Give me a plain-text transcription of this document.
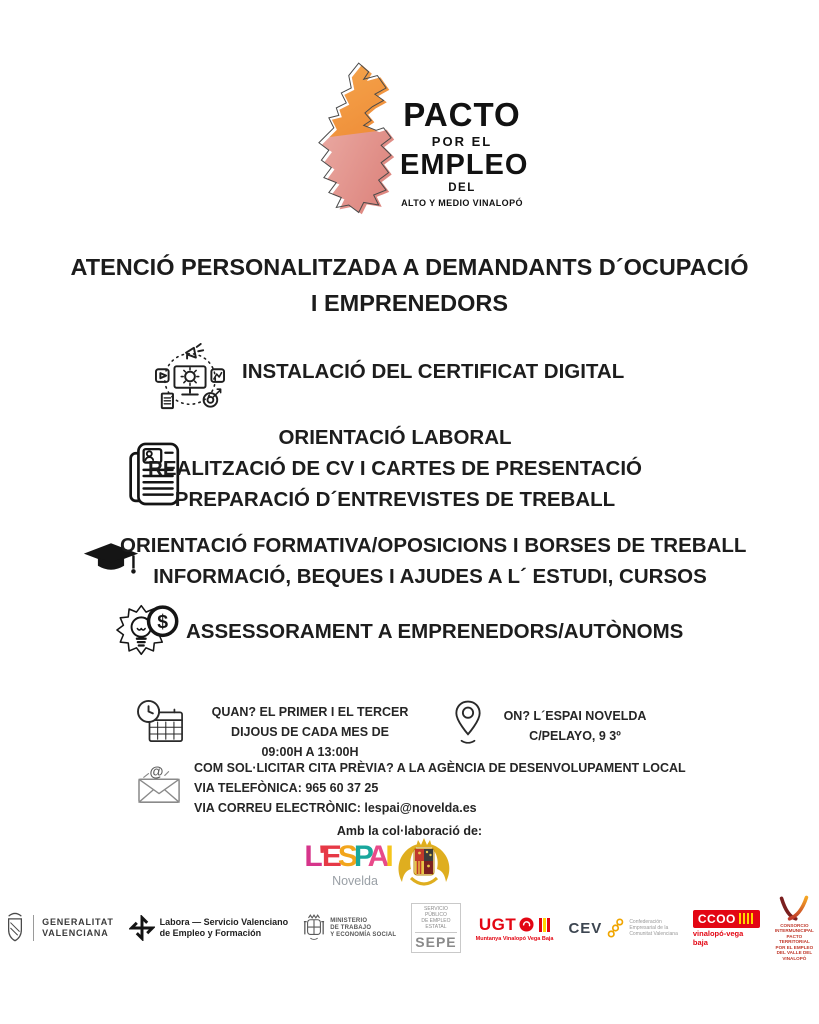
PACTO
POR EL
EMPLEO
DEL
ALTO Y MEDIO VINALOPÓ
ATENCIÓ PERSONALITZADA A DEMANDANTS D´OCUPACIÓ
I EMPRENEDORS
INSTALACIÓ DEL CERTIFICAT DIGITAL
ORIENTACIÓ LABORAL
REALITZACIÓ DE CV I CARTES DE PRESENTACIÓ
PREPARACIÓ D´ENTREVISTES DE TREBALL
ORIENTACIÓ FORMATIVA/OPOSICIONS I BORSES DE TREBALL
INFORMACIÓ, BEQUES I AJUDES A L´ ESTUDI, CURSOS
$ ASSESSORAMENT A EMPRENEDORS/AUTÒNOMS
QUAN? EL PRIMER I EL TERCER
DIJOUS DE CADA MES DE
09:00H A 13:00H
ON? L´ESPAI NOVELDA
C/PELAYO, 9 3º
@ COM SOL·LICITAR CITA PRÈVIA? A LA AGÈNCIA DE DESENVOLUPAMENT LOCAL
VIA TELEFÒNICA: 965 60 37 25
VIA CORREU ELECTRÒNIC: lespai@novelda.es
Amb la col·laboració de:
L'ESPAI
Novelda
GENERALITAT
VALENCIANA
Labora — Servicio Valenciano
de Empleo y Formación
MINISTERIO
DE TRABAJO
Y ECONOMÍA SOCIAL
SERVICIO PÚBLICO
DE EMPLEO ESTATAL
SEPE
UGT
Muntanya Vinalopó Vega Baja
CEV	Confederación
Empresarial de la
Comunitat Valenciana
CCOO
vinalopó-vega baja
CONSORCIO INTERMUNICIPAL
PACTO TERRITORIAL POR EL EMPLEO
DEL VALLE DEL VINALOPÓ
